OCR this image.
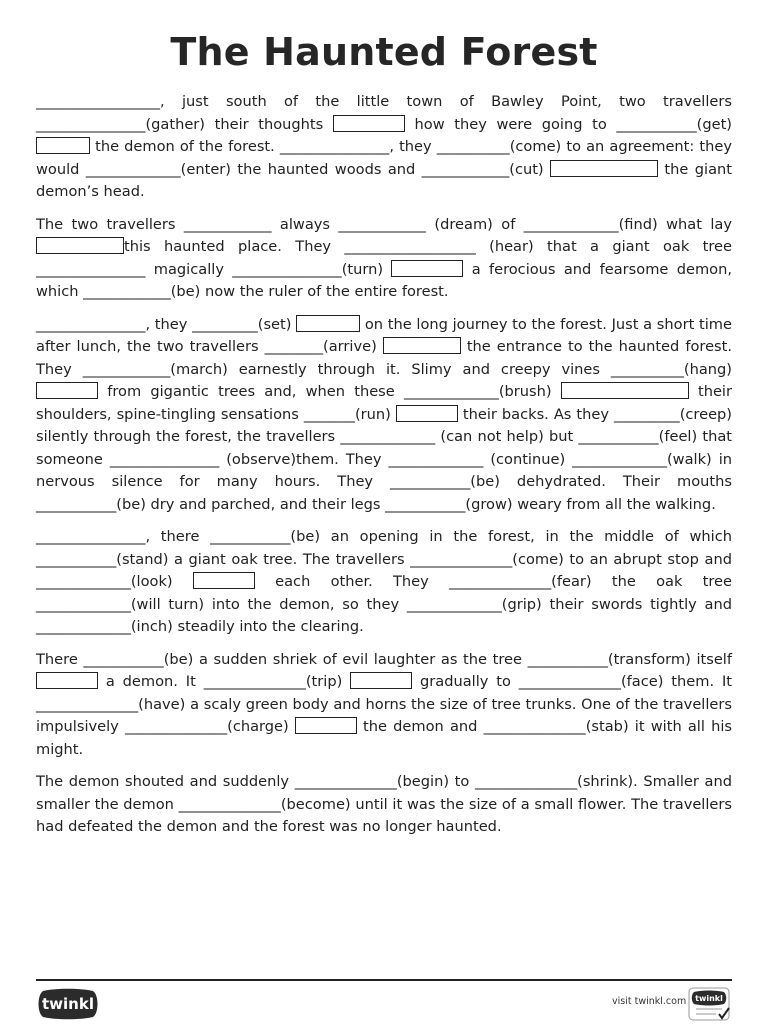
The Haunted Forest

_________________, just south of the little town of Bawley Point, two travellers _______________(gather) their thoughts	how they were going to ___________(get)  the demon of the forest. _______________, they __________(come) to an agreement: they would _____________(enter) the haunted woods and ____________(cut)	the giant demon’s head.

The two travellers ____________ always ____________ (dream) of _____________(find) what lay this haunted place. They __________________ (hear) that a giant oak tree _______________ magically _______________(turn)	a ferocious and fearsome demon, which ____________(be) now the ruler of the entire forest.

_______________, they _________(set)	on the long journey to the forest. Just a short time after lunch, the two travellers ________(arrive)	the entrance to the haunted forest. They ____________(march) earnestly through it. Slimy and creepy vines __________(hang)  from gigantic trees and, when these _____________(brush)	their shoulders, spine-tingling sensations _______(run)	their backs. As they _________(creep) silently through the forest, the travellers _____________ (can not help) but ___________(feel) that someone _______________ (observe)them. They _____________ (continue) _____________(walk) in nervous silence for many hours. They ___________(be) dehydrated. Their mouths ___________(be) dry and parched, and their legs ___________(grow) weary from all the walking.

_______________, there ___________(be) an opening in the forest, in the middle of which ___________(stand) a giant oak tree. The travellers ______________(come) to an abrupt stop and _____________(look)	each other. They ______________(fear) the oak tree _____________(will turn) into the demon, so they _____________(grip) their swords tightly and _____________(inch) steadily into the clearing.

There ___________(be) a sudden shriek of evil laughter as the tree ___________(transform) itself  a demon. It ______________(trip)	gradually to ______________(face) them. It ______________(have) a scaly green body and horns the size of tree trunks. One of the travellers impulsively ______________(charge)	the demon and ______________(stab) it with all his might.

The demon shouted and suddenly ______________(begin) to ______________(shrink). Smaller and smaller the demon ______________(become) until it was the size of a small flower. The travellers had defeated the demon and the forest was no longer haunted.

twinkl	visit twinkl.com twinkl
